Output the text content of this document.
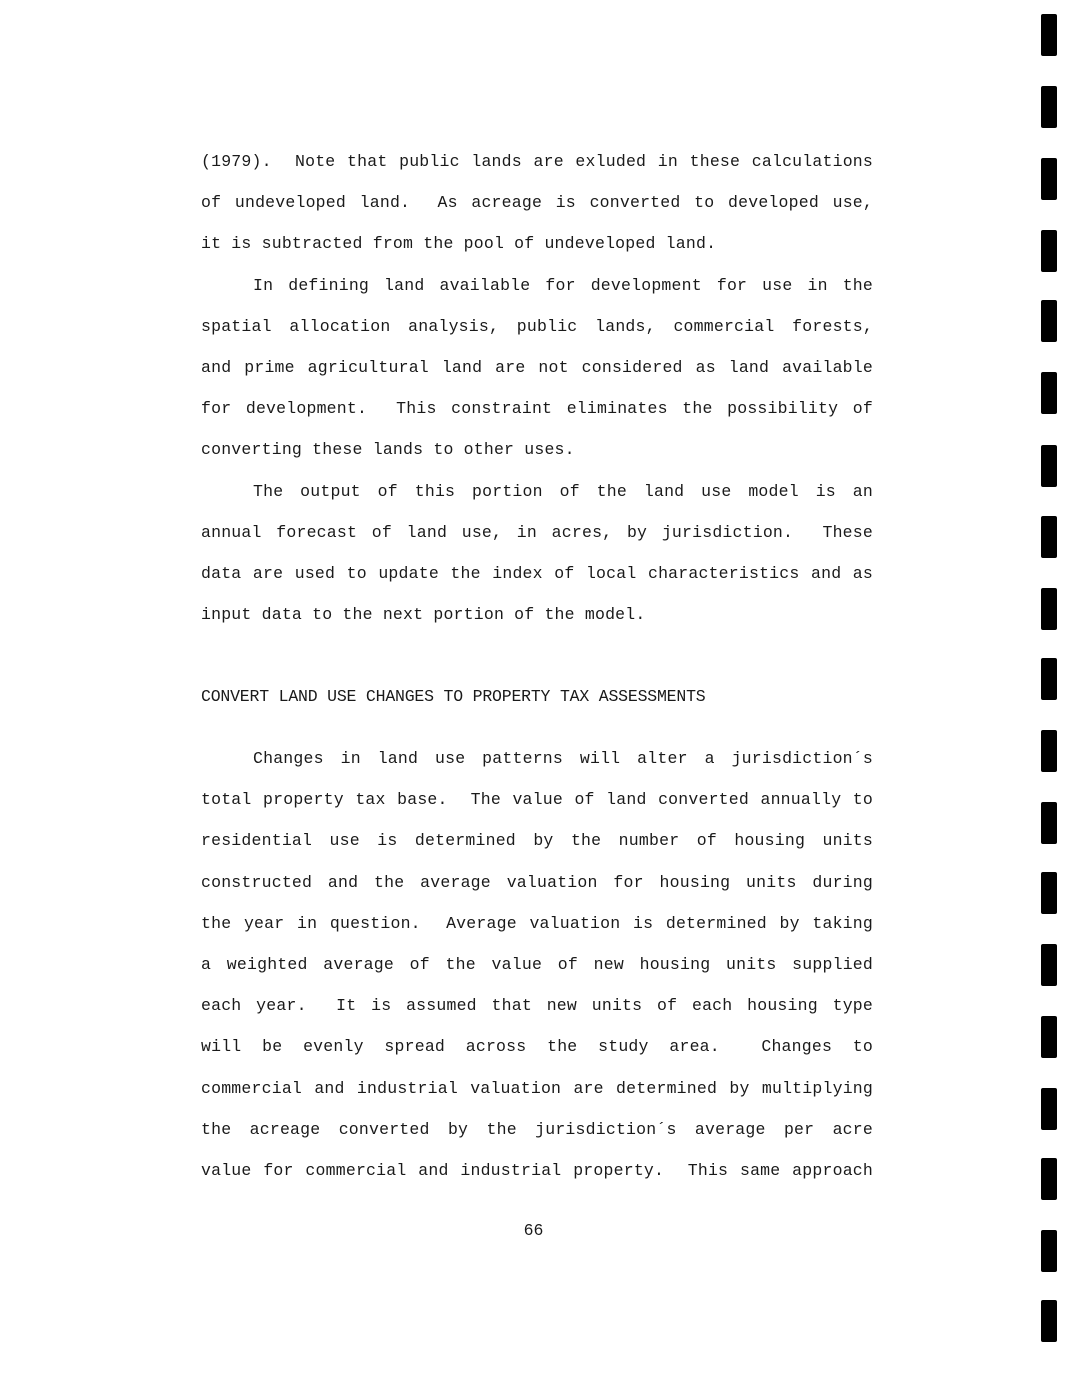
(1979).  Note that public lands are exluded in these calculations
of undeveloped land.  As acreage is converted to developed use,
it is subtracted from the pool of undeveloped land.
In defining land available for development for use in the
spatial allocation analysis, public lands, commercial forests,
and prime agricultural land are not considered as land available
for development.  This constraint eliminates the possibility of
converting these lands to other uses.
The output of this portion of the land use model is an
annual forecast of land use, in acres, by jurisdiction.  These
data are used to update the index of local characteristics and as
input data to the next portion of the model.
CONVERT LAND USE CHANGES TO PROPERTY TAX ASSESSMENTS
Changes in land use patterns will alter a jurisdiction´s
total property tax base.  The value of land converted annually to
residential use is determined by the number of housing units
constructed and the average valuation for housing units during
the year in question.  Average valuation is determined by taking
a weighted average of the value of new housing units supplied
each year.  It is assumed that new units of each housing type
will be evenly spread across the study area.  Changes to
commercial and industrial valuation are determined by multiplying
the acreage converted by the jurisdiction´s average per acre
value for commercial and industrial property.  This same approach
66
